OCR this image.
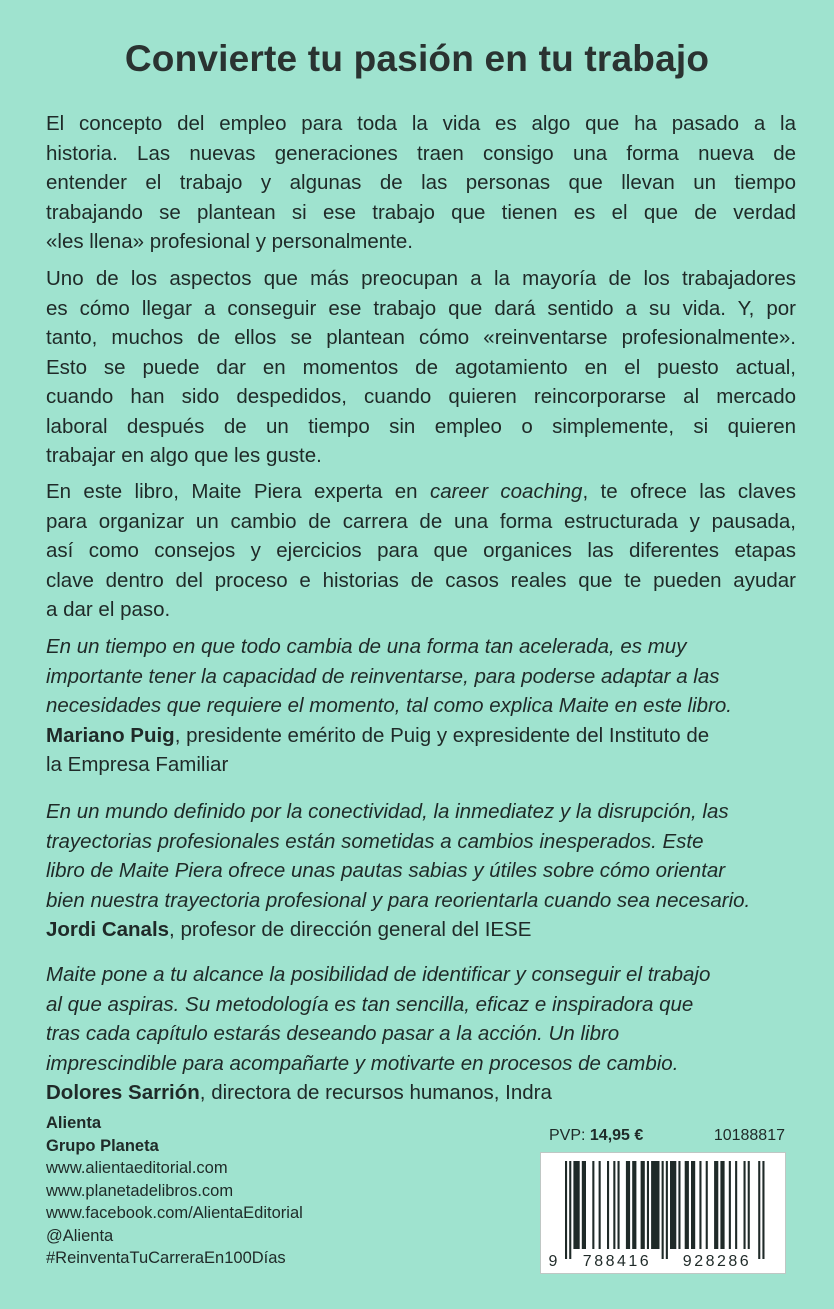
Convierte tu pasión en tu trabajo
El concepto del empleo para toda la vida es algo que ha pasado a la
historia. Las nuevas generaciones traen consigo una forma nueva de
entender el trabajo y algunas de las personas que llevan un tiempo
trabajando se plantean si ese trabajo que tienen es el que de verdad
«les llena» profesional y personalmente.
Uno de los aspectos que más preocupan a la mayoría de los trabajadores
es cómo llegar a conseguir ese trabajo que dará sentido a su vida. Y, por
tanto, muchos de ellos se plantean cómo «reinventarse profesionalmente».
Esto se puede dar en momentos de agotamiento en el puesto actual,
cuando han sido despedidos, cuando quieren reincorporarse al mercado
laboral después de un tiempo sin empleo o simplemente, si quieren
trabajar en algo que les guste.
En este libro, Maite Piera experta en career coaching, te ofrece las claves
para organizar un cambio de carrera de una forma estructurada y pausada,
así como consejos y ejercicios para que organices las diferentes etapas
clave dentro del proceso e historias de casos reales que te pueden ayudar
a dar el paso.
En un tiempo en que todo cambia de una forma tan acelerada, es muy
importante tener la capacidad de reinventarse, para poderse adaptar a las
necesidades que requiere el momento, tal como explica Maite en este libro.
Mariano Puig, presidente emérito de Puig y expresidente del Instituto de
la Empresa Familiar
En un mundo definido por la conectividad, la inmediatez y la disrupción, las
trayectorias profesionales están sometidas a cambios inesperados. Este
libro de Maite Piera ofrece unas pautas sabias y útiles sobre cómo orientar
bien nuestra trayectoria profesional y para reorientarla cuando sea necesario.
Jordi Canals, profesor de dirección general del IESE
Maite pone a tu alcance la posibilidad de identificar y conseguir el trabajo
al que aspiras. Su metodología es tan sencilla, eficaz e inspiradora que
tras cada capítulo estarás deseando pasar a la acción. Un libro
imprescindible para acompañarte y motivarte en procesos de cambio.
Dolores Sarrión, directora de recursos humanos, Indra
Alienta
Grupo Planeta
www.alientaeditorial.com
www.planetadelibros.com
www.facebook.com/AlientaEditorial
@Alienta
#ReinventaTuCarreraEn100Días
PVP: 14,95 €	10188817
9 788416 928286
